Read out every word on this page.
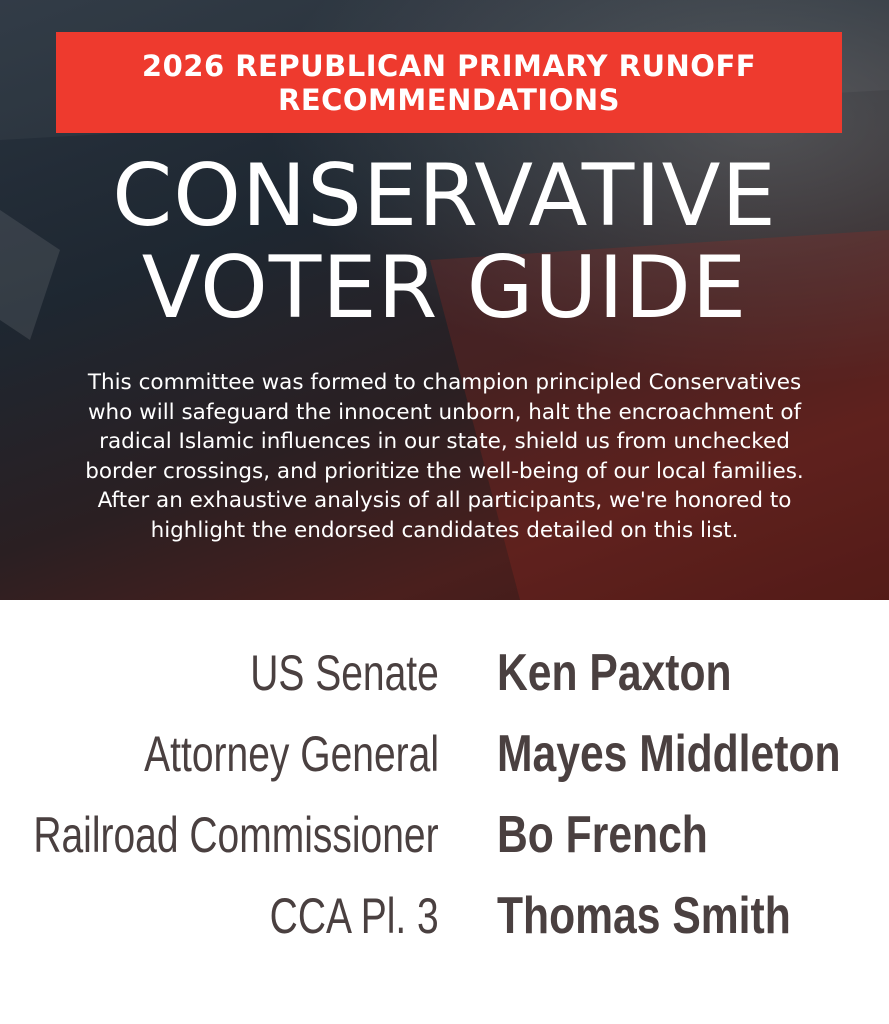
2026 REPUBLICAN PRIMARY RUNOFF
RECOMMENDATIONS
CONSERVATIVE
VOTER GUIDE
This committee was formed to champion principled Conservatives
who will safeguard the innocent unborn, halt the encroachment of
radical Islamic influences in our state, shield us from unchecked
border crossings, and prioritize the well-being of our local families.
After an exhaustive analysis of all participants, we're honored to
highlight the endorsed candidates detailed on this list.
US Senate Ken Paxton
Attorney General Mayes Middleton
Railroad Commissioner Bo French
CCA Pl. 3 Thomas Smith
